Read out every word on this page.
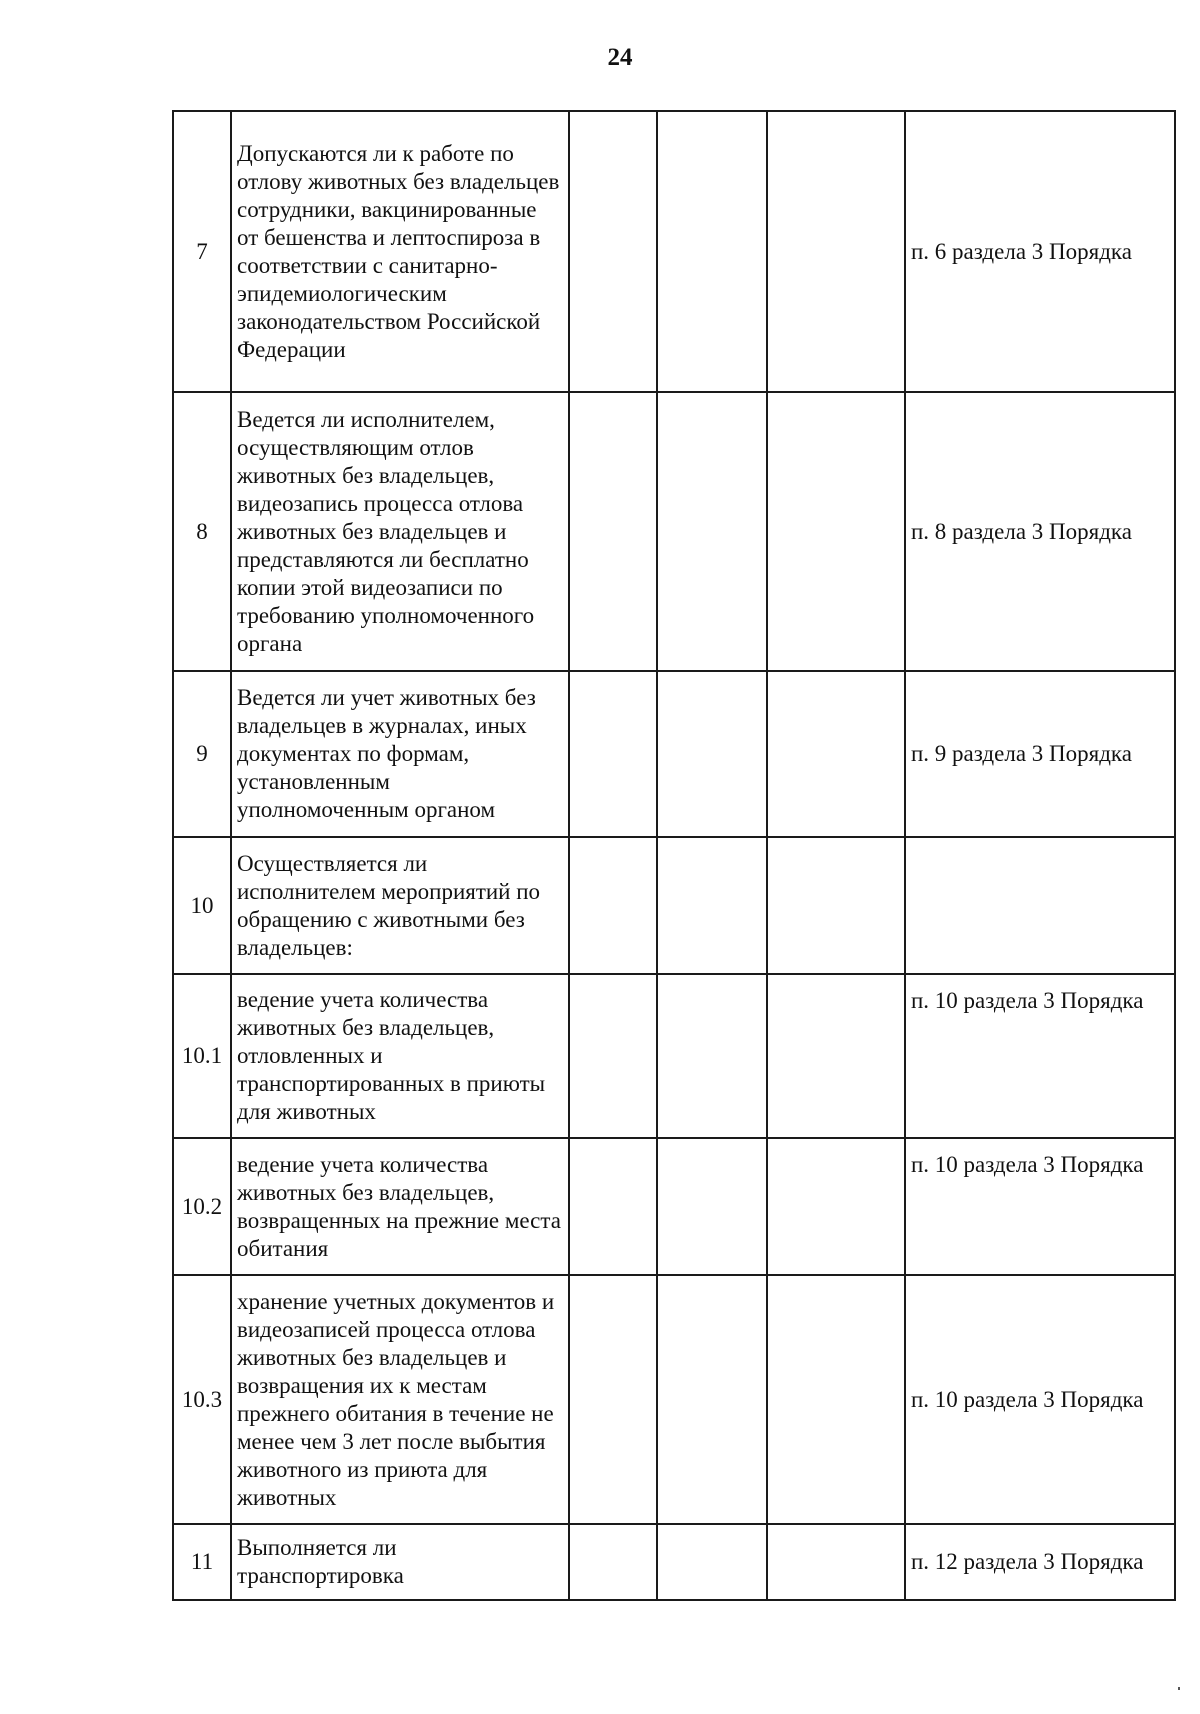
24
7	Допускаются ли к работе по отлову животных без владельцев сотрудники, вакцинированные от бешенства и лептоспироза в соответствии с санитарно-эпидемиологическим законодательством Российской Федерации				п. 6 раздела 3 Порядка
8	Ведется ли исполнителем, осуществляющим отлов животных без владельцев, видеозапись процесса отлова животных без владельцев и представляются ли бесплатно копии этой видеозаписи по требованию уполномоченного органа				п. 8 раздела 3 Порядка
9	Ведется ли учет животных без владельцев в журналах, иных документах по формам, установленным уполномоченным органом				п. 9 раздела 3 Порядка
10	Осуществляется ли исполнителем мероприятий по обращению с животными без владельцев:				
10.1	ведение учета количества животных без владельцев, отловленных и транспортированных в приюты для животных				п. 10 раздела 3 Порядка
10.2	ведение учета количества животных без владельцев, возвращенных на прежние места обитания				п. 10 раздела 3 Порядка
10.3	хранение учетных документов и видеозаписей процесса отлова животных без владельцев и возвращения их к местам прежнего обитания в течение не менее чем 3 лет после выбытия животного из приюта для животных				п. 10 раздела 3 Порядка
11	Выполняется ли транспортировка				п. 12 раздела 3 Порядка
